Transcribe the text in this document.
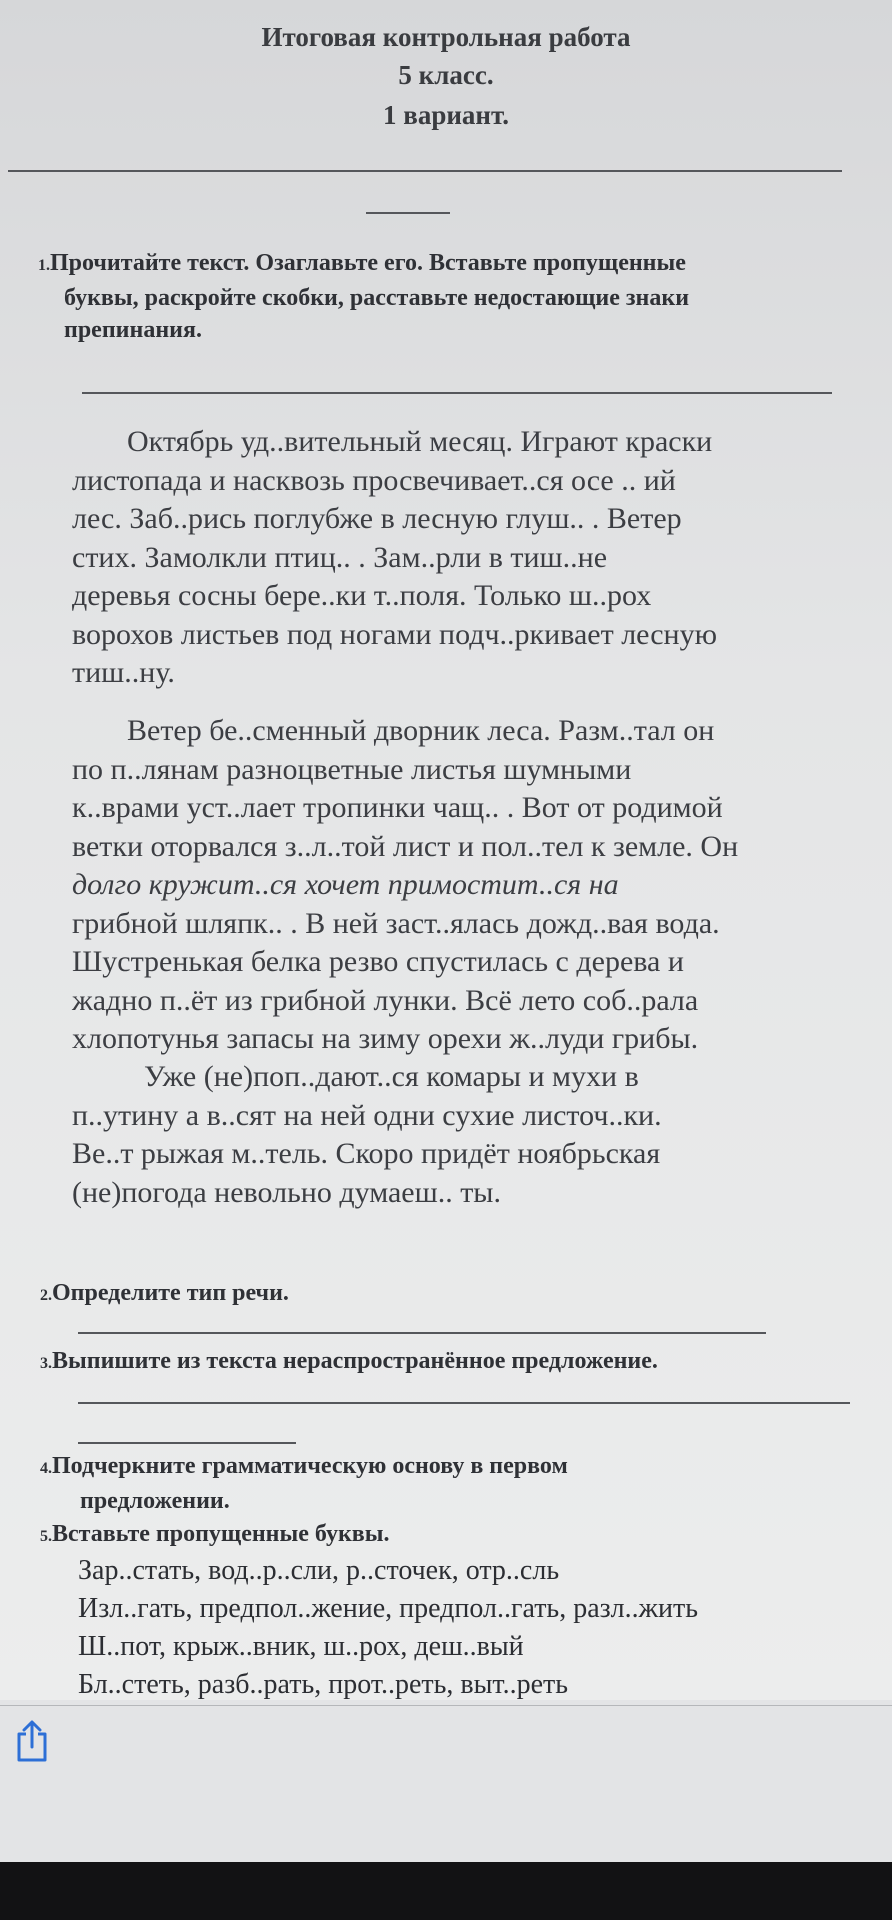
Итоговая контрольная работа
5 класс.
1 вариант.
1.Прочитайте текст. Озаглавьте его. Вставьте пропущенные
буквы, раскройте скобки, расставьте недостающие знаки
препинания.
Октябрь уд..вительный месяц. Играют краски
листопада и насквозь просвечивает..ся осе .. ий
лес. Заб..рись поглубже в лесную глуш.. . Ветер
стих. Замолкли птиц.. . Зам..рли в тиш..не
деревья сосны бере..ки т..поля. Только ш..рох
ворохов листьев под ногами подч..ркивает лесную
тиш..ну.
Ветер бе..сменный дворник леса. Разм..тал он
по п..лянам разноцветные листья шумными
к..врами уст..лает тропинки чащ.. . Вот от родимой
ветки оторвался з..л..той лист и пол..тел к земле. Он
долго кружит..ся хочет примостит..ся на
грибной шляпк.. . В ней заст..ялась дожд..вая вода.
Шустренькая белка резво спустилась с дерева и
жадно п..ёт из грибной лунки. Всё лето соб..рала
хлопотунья запасы на зиму орехи ж..луди грибы.
Уже (не)поп..дают..ся комары и мухи в
п..утину а в..сят на ней одни сухие листоч..ки.
Ве..т рыжая м..тель. Скоро придёт ноябрьская
(не)погода невольно думаеш.. ты.
2.Определите тип речи.
3.Выпишите из текста нераспространённое предложение.
4.Подчеркните грамматическую основу в первом
предложении.
5.Вставьте пропущенные буквы.
Зар..стать, вод..р..сли, р..сточек, отр..сль
Изл..гать, предпол..жение, предпол..гать, разл..жить
Ш..пот, крыж..вник, ш..рох, деш..вый
Бл..стеть, разб..рать, прот..реть, выт..реть
